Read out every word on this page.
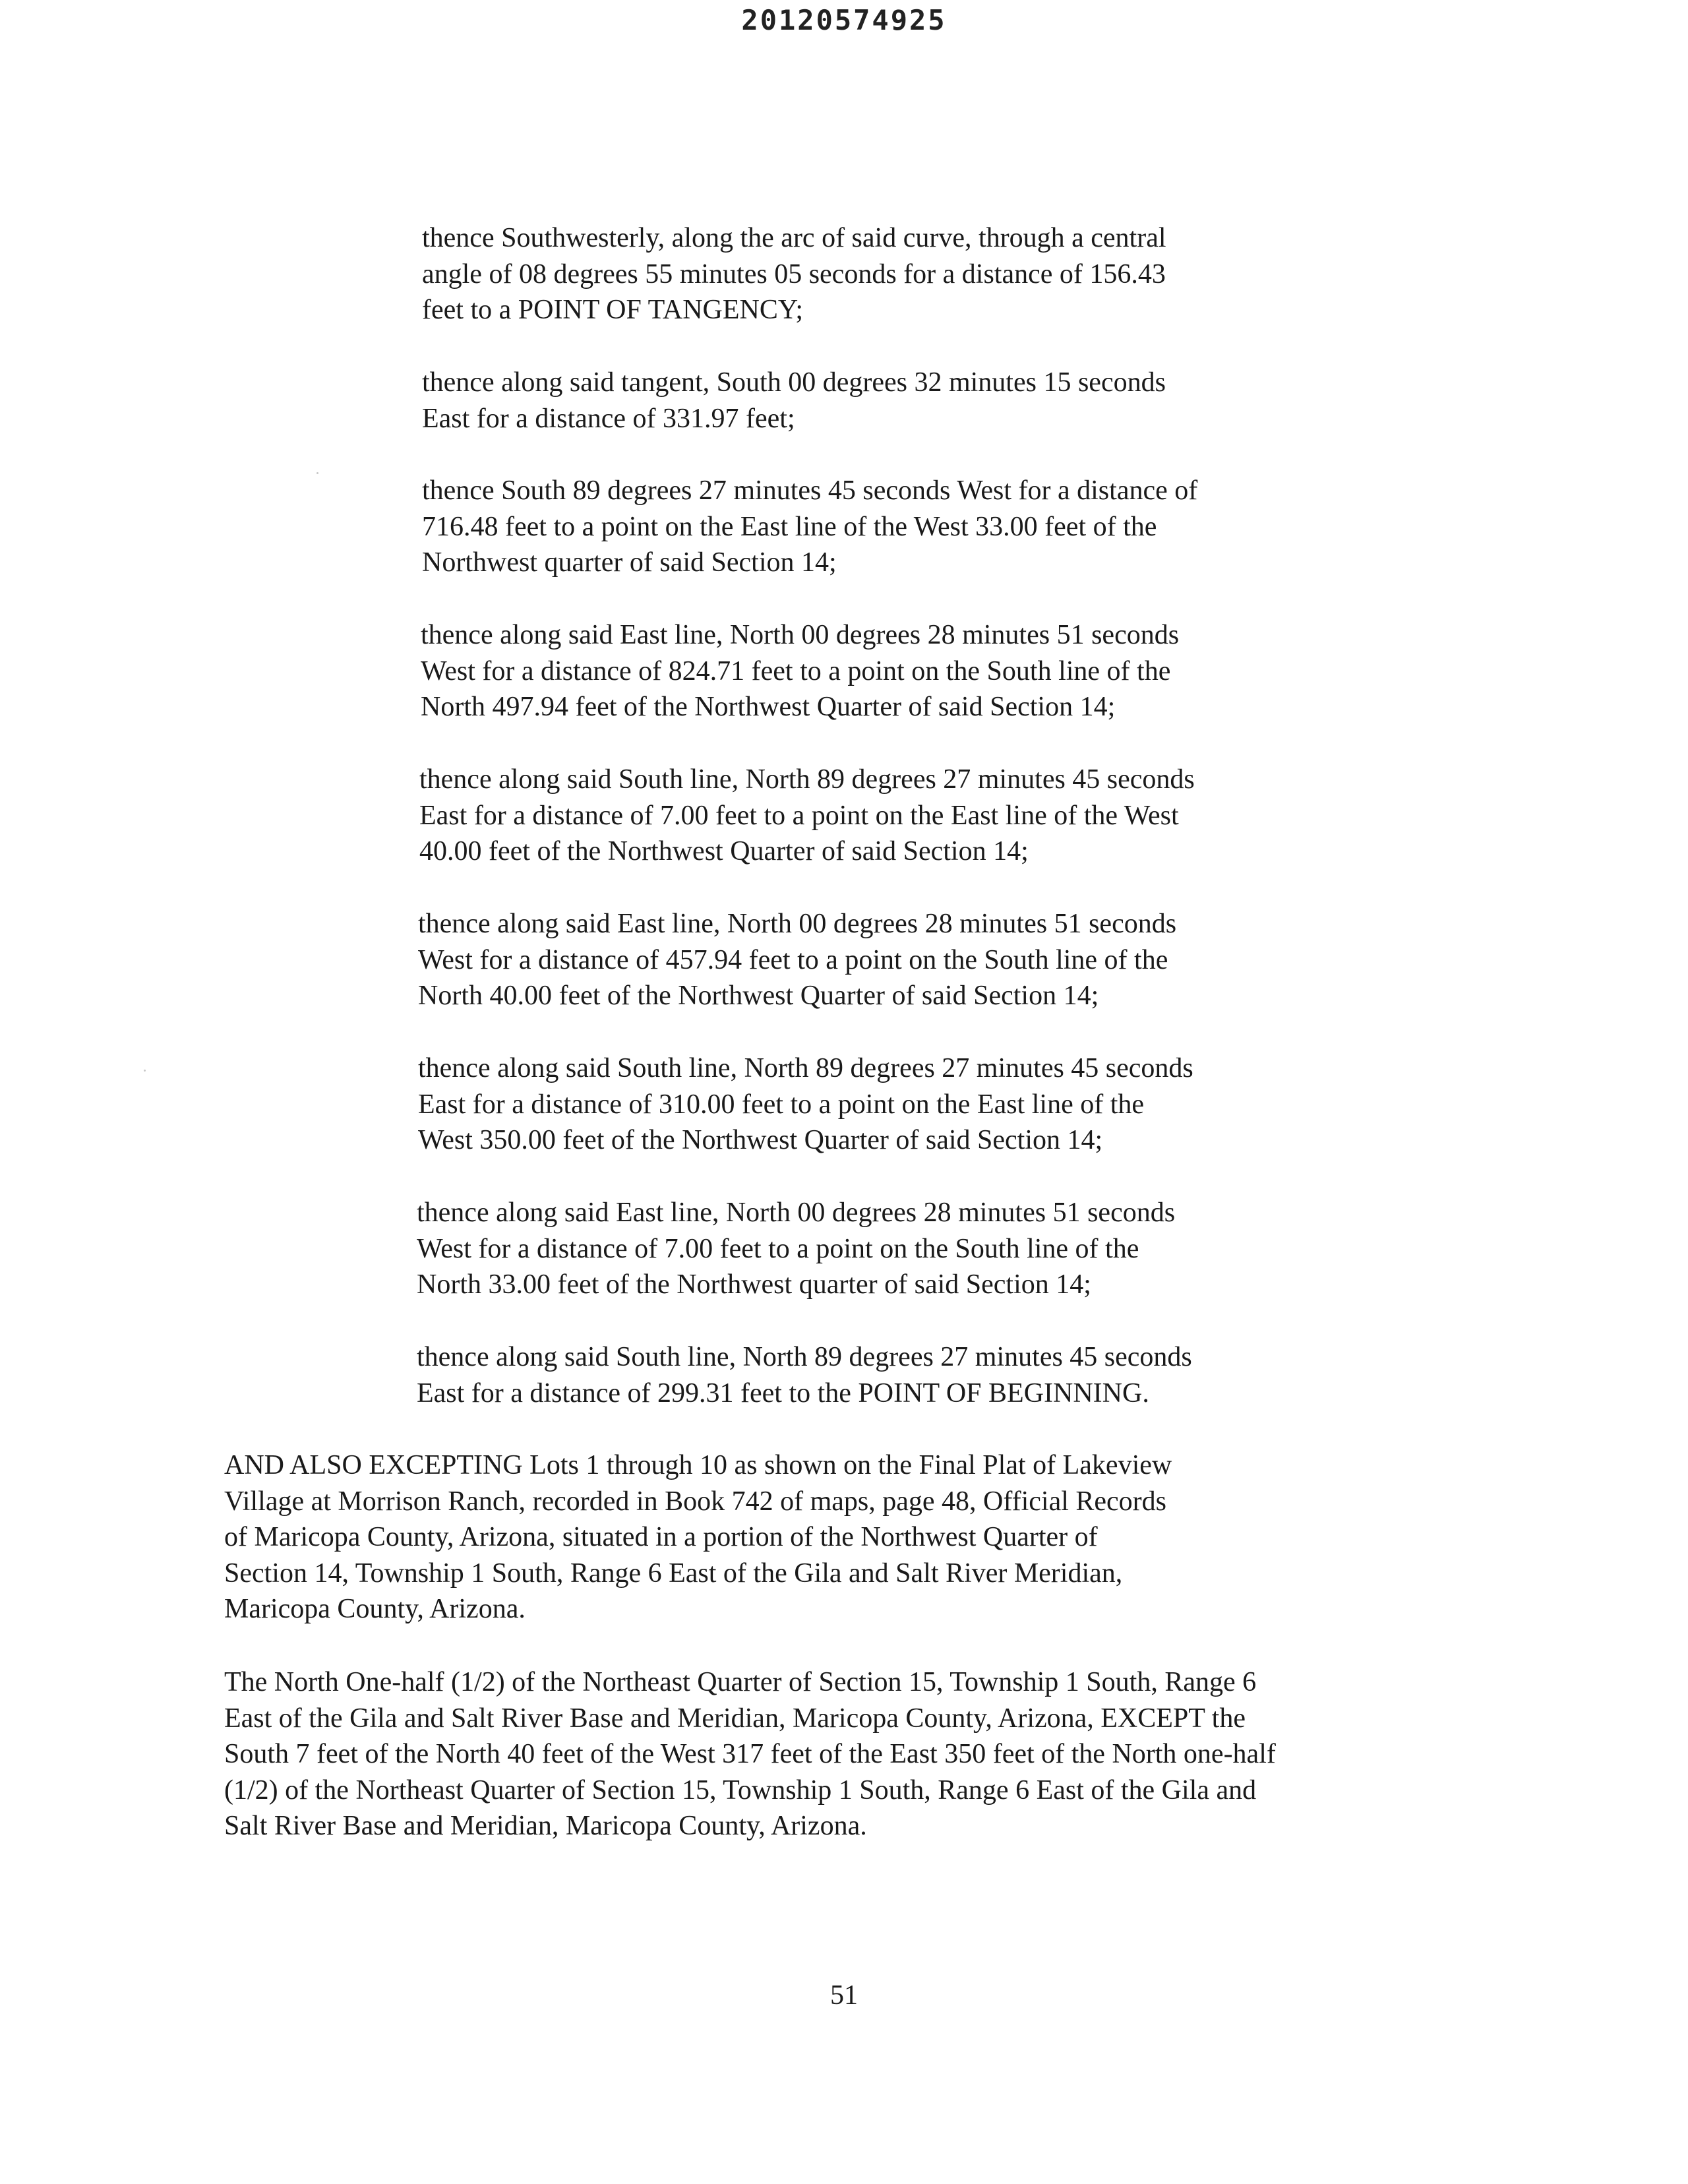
20120574925

thence Southwesterly, along the arc of said curve, through a central
angle of 08 degrees 55 minutes 05 seconds for a distance of 156.43
feet to a POINT OF TANGENCY;

thence along said tangent, South 00 degrees 32 minutes 15 seconds
East for a distance of 331.97 feet;

thence South 89 degrees 27 minutes 45 seconds West for a distance of
716.48 feet to a point on the East line of the West 33.00 feet of the
Northwest quarter of said Section 14;

thence along said East line, North 00 degrees 28 minutes 51 seconds
West for a distance of 824.71 feet to a point on the South line of the
North 497.94 feet of the Northwest Quarter of said Section 14;

thence along said South line, North 89 degrees 27 minutes 45 seconds
East for a distance of 7.00 feet to a point on the East line of the West
40.00 feet of the Northwest Quarter of said Section 14;

thence along said East line, North 00 degrees 28 minutes 51 seconds
West for a distance of 457.94 feet to a point on the South line of the
North 40.00 feet of the Northwest Quarter of said Section 14;

thence along said South line, North 89 degrees 27 minutes 45 seconds
East for a distance of 310.00 feet to a point on the East line of the
West 350.00 feet of the Northwest Quarter of said Section 14;

thence along said East line, North 00 degrees 28 minutes 51 seconds
West for a distance of 7.00 feet to a point on the South line of the
North 33.00 feet of the Northwest quarter of said Section 14;

thence along said South line, North 89 degrees 27 minutes 45 seconds
East for a distance of 299.31 feet to the POINT OF BEGINNING.

AND ALSO EXCEPTING Lots 1 through 10 as shown on the Final Plat of Lakeview
Village at Morrison Ranch, recorded in Book 742 of maps, page 48, Official Records
of Maricopa County, Arizona, situated in a portion of the Northwest Quarter of
Section 14, Township 1 South, Range 6 East of the Gila and Salt River Meridian,
Maricopa County, Arizona.

The North One-half (1/2) of the Northeast Quarter of Section 15, Township 1 South, Range 6
East of the Gila and Salt River Base and Meridian, Maricopa County, Arizona, EXCEPT the
South 7 feet of the North 40 feet of the West 317 feet of the East 350 feet of the North one-half
(1/2) of the Northeast Quarter of Section 15, Township 1 South, Range 6 East of the Gila and
Salt River Base and Meridian, Maricopa County, Arizona.

51
